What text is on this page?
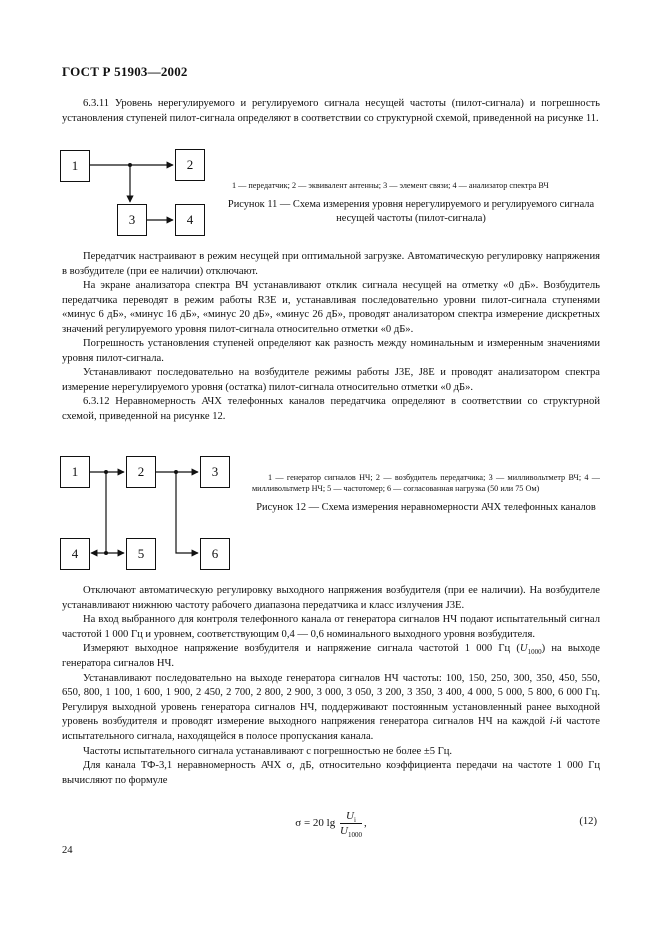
ГОСТ Р 51903—2002

6.3.11 Уровень нерегулируемого и регулируемого сигнала несущей частоты (пилот-сигнала) и погрешность установления ступеней пилот-сигнала определяют в соответствии со структурной схемой, приведенной на рисунке 11.

1	2
3	4

1 — передатчик; 2 — эквивалент антенны; 3 — элемент связи; 4 — анализатор спектра ВЧ

Рисунок 11 — Схема измерения уровня нерегулируемого и регулируемого сигнала несущей частоты (пилот-сигнала)

Передатчик настраивают в режим несущей при оптимальной загрузке. Автоматическую регулировку напряжения в возбудителе (при ее наличии) отключают.

На экране анализатора спектра ВЧ устанавливают отклик сигнала несущей на отметку «0 дБ». Возбудитель передатчика переводят в режим работы R3E и, устанавливая последовательно уровни пилот-сигнала ступенями «минус 6 дБ», «минус 16 дБ», «минус 20 дБ», «минус 26 дБ», проводят анализатором спектра измерение дискретных значений регулируемого уровня пилот-сигнала относительно отметки «0 дБ».

Погрешность установления ступеней определяют как разность между номинальным и измеренным значениями уровня пилот-сигнала.

Устанавливают последовательно на возбудителе режимы работы J3E, J8E и проводят анализатором спектра измерение нерегулируемого уровня (остатка) пилот-сигнала относительно отметки «0 дБ».

6.3.12 Неравномерность АЧХ телефонных каналов передатчика определяют в соответствии со структурной схемой, приведенной на рисунке 12.

1	2	3
4	5	6

1 — генератор сигналов НЧ; 2 — возбудитель передатчика; 3 — милливольтметр ВЧ; 4 — милливольтметр НЧ; 5 — частотомер; 6 — согласованная нагрузка (50 или 75 Ом)

Рисунок 12 — Схема измерения неравномерности АЧХ телефонных каналов

Отключают автоматическую регулировку выходного напряжения возбудителя (при ее наличии). На возбудителе устанавливают нижнюю частоту рабочего диапазона передатчика и класс излучения J3E.

На вход выбранного для контроля телефонного канала от генератора сигналов НЧ подают испытательный сигнал частотой 1 000 Гц и уровнем, соответствующим 0,4 — 0,6 номинального выходного уровня возбудителя.

Измеряют выходное напряжение возбудителя и напряжение сигнала частотой 1 000 Гц $(U_{1000})$ на выходе генератора сигналов НЧ.

Устанавливают последовательно на выходе генератора сигналов НЧ частоты: 100, 150, 250, 300, 350, 450, 550, 650, 800, 1 100, 1 600, 1 900, 2 450, 2 700, 2 800, 2 900, 3 000, 3 050, 3 200, 3 350, 3 400, 4 000, 5 000, 5 800, 6 000 Гц. Регулируя выходной уровень генератора сигналов НЧ, поддерживают постоянным установленный ранее выходной уровень возбудителя и проводят измерение выходного напряжения генератора сигналов НЧ на каждой i-й частоте испытательного сигнала, находящейся в полосе пропускания канала.

Частоты испытательного сигнала устанавливают с погрешностью не более ±5 Гц.

Для канала ТФ-3,1 неравномерность АЧХ σ, дБ, относительно коэффициента передачи на частоте 1 000 Гц вычисляют по формуле

σ = 20 $\lg \frac{U_i}{U_{1000}}$ ,	(12)
24
